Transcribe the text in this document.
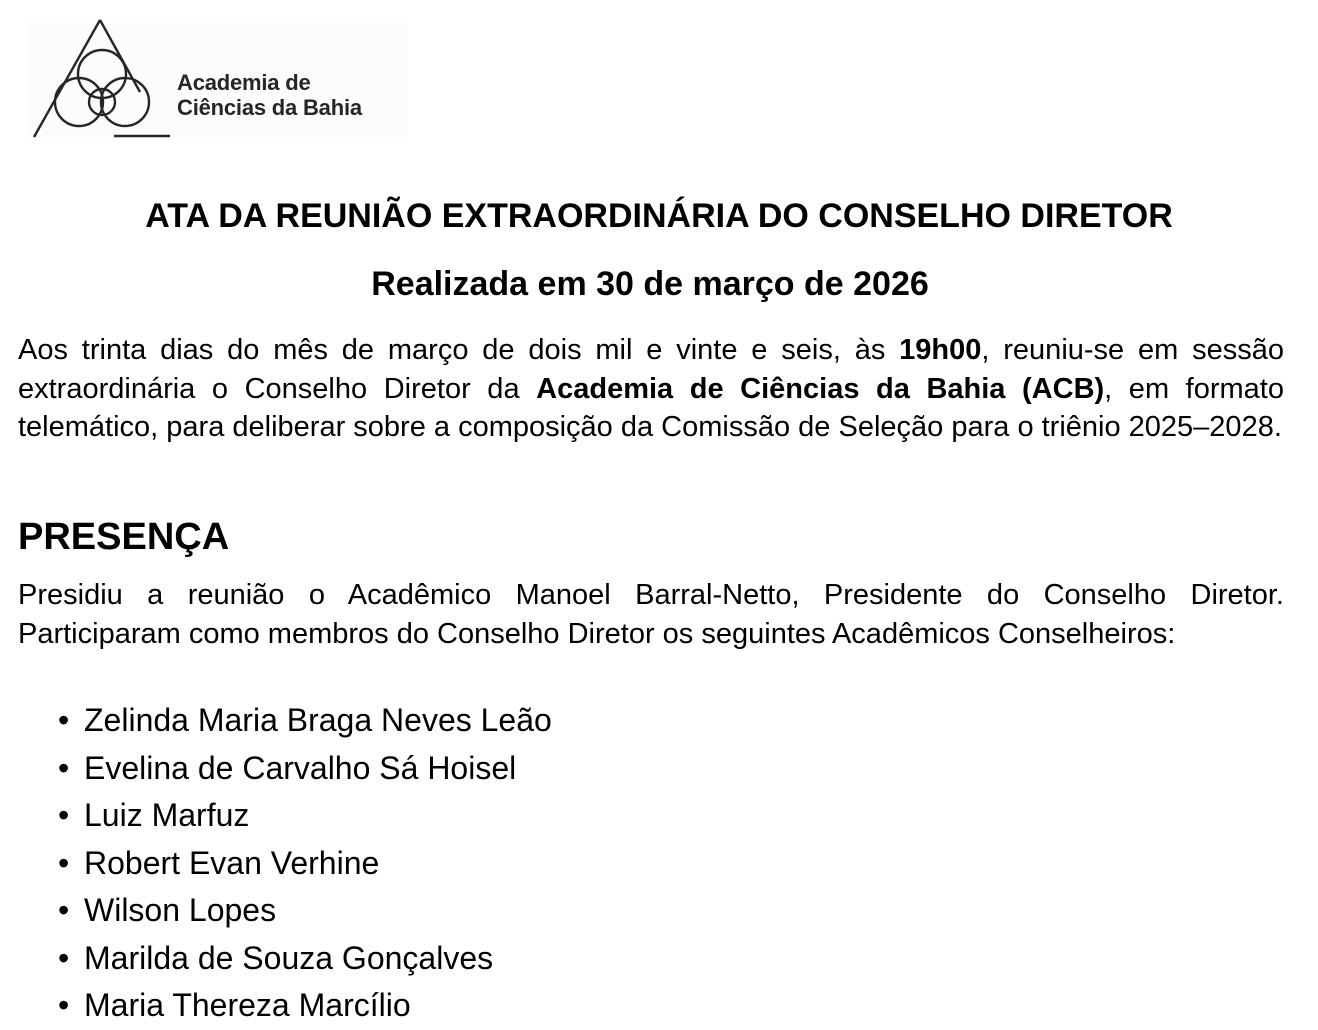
Academia de
Ciências da Bahia
ATA DA REUNIÃO EXTRAORDINÁRIA DO CONSELHO DIRETOR
Realizada em 30 de março de 2026
Aos trinta dias do mês de março de dois mil e vinte e seis, às 19h00, reuniu-se em sessão extraordinária o Conselho Diretor da Academia de Ciências da Bahia (ACB), em formato telemático, para deliberar sobre a composição da Comissão de Seleção para o triênio 2025–2028.
PRESENÇA
Presidiu a reunião o Acadêmico Manoel Barral-Netto, Presidente do Conselho Diretor. Participaram como membros do Conselho Diretor os seguintes Acadêmicos Conselheiros:
• Zelinda Maria Braga Neves Leão
• Evelina de Carvalho Sá Hoisel
• Luiz Marfuz
• Robert Evan Verhine
• Wilson Lopes
• Marilda de Souza Gonçalves
• Maria Thereza Marcílio
